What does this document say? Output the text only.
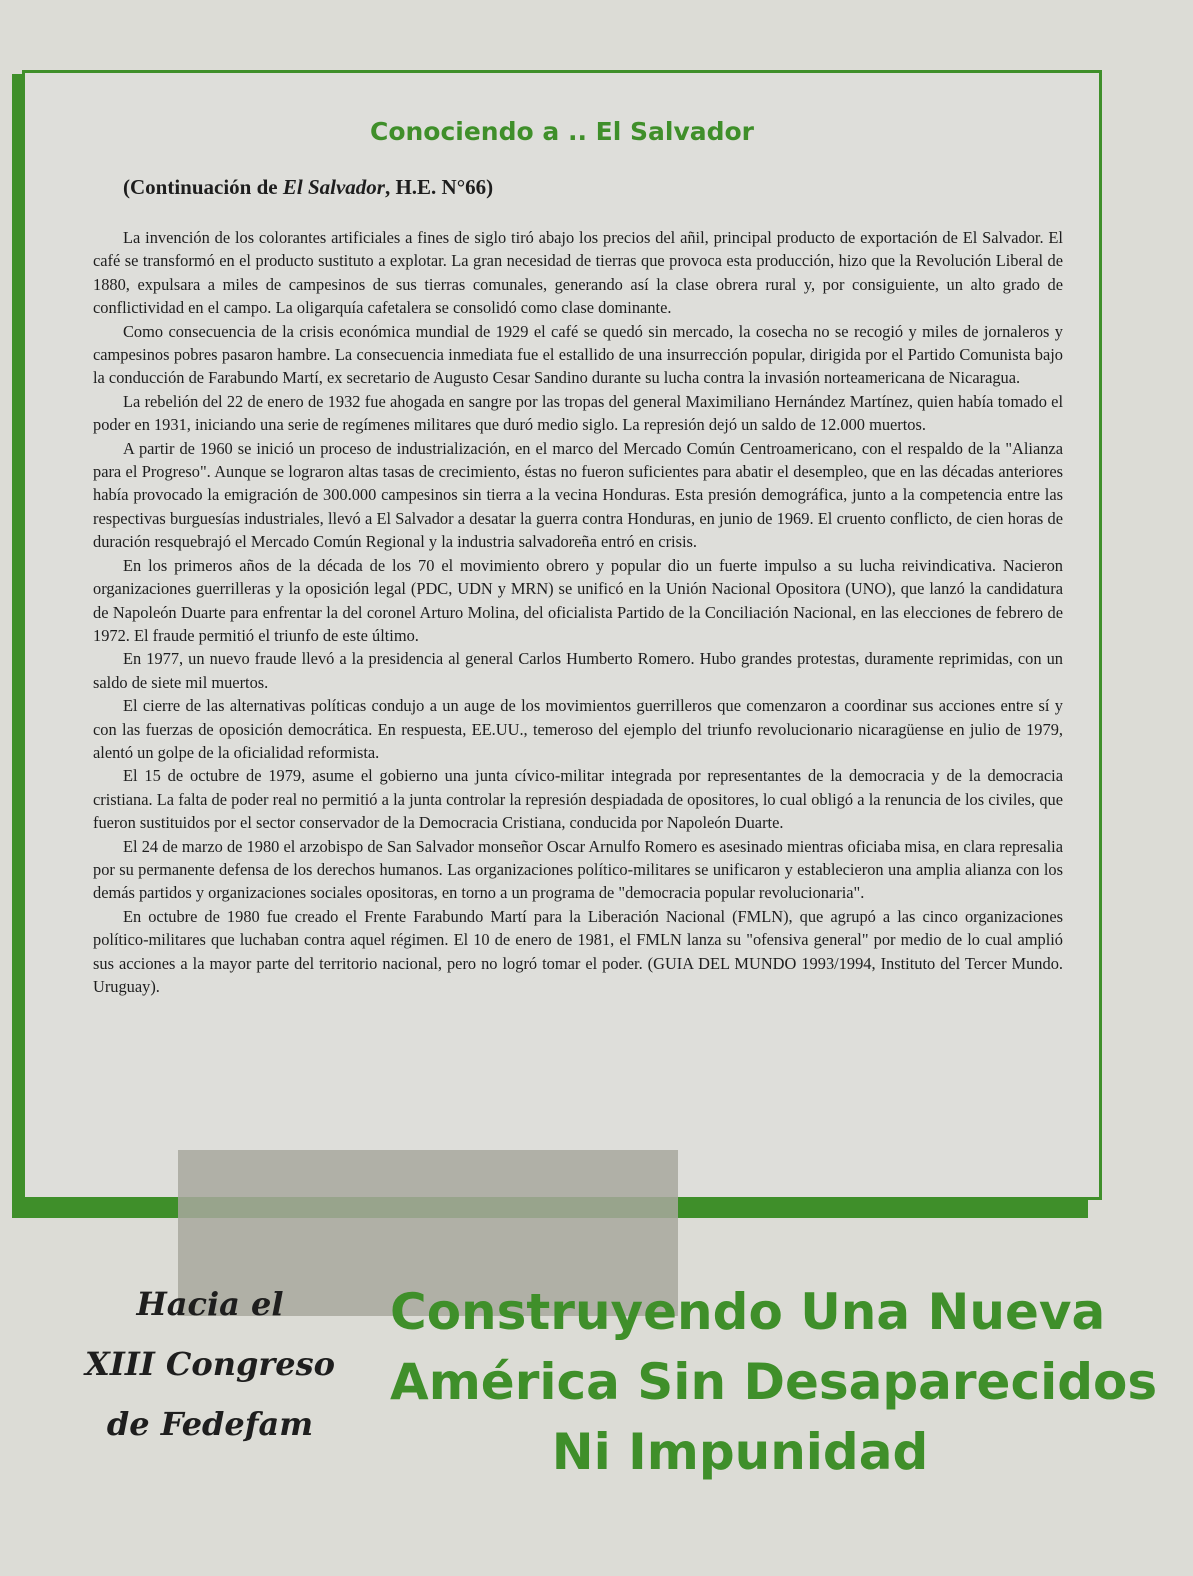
Conociendo a .. El Salvador
(Continuación de El Salvador, H.E. N°66)

La invención de los colorantes artificiales a fines de siglo tiró abajo los precios del añil, principal producto de exportación de El Salvador. El café se transformó en el producto sustituto a explotar. La gran necesidad de tierras que provoca esta producción, hizo que la Revolución Liberal de 1880, expulsara a miles de campesinos de sus tierras comunales, generando así la clase obrera rural y, por consiguiente, un alto grado de conflictividad en el campo. La oligarquía cafetalera se consolidó como clase dominante.

Como consecuencia de la crisis económica mundial de 1929 el café se quedó sin mercado, la cosecha no se recogió y miles de jornaleros y campesinos pobres pasaron hambre. La consecuencia inmediata fue el estallido de una insurrección popular, dirigida por el Partido Comunista bajo la conducción de Farabundo Martí, ex secretario de Augusto Cesar Sandino durante su lucha contra la invasión norteamericana de Nicaragua.

La rebelión del 22 de enero de 1932 fue ahogada en sangre por las tropas del general Maximiliano Hernández Martínez, quien había tomado el poder en 1931, iniciando una serie de regímenes militares que duró medio siglo. La represión dejó un saldo de 12.000 muertos.

A partir de 1960 se inició un proceso de industrialización, en el marco del Mercado Común Centroamericano, con el respaldo de la "Alianza para el Progreso". Aunque se lograron altas tasas de crecimiento, éstas no fueron suficientes para abatir el desempleo, que en las décadas anteriores había provocado la emigración de 300.000 campesinos sin tierra a la vecina Honduras. Esta presión demográfica, junto a la competencia entre las respectivas burguesías industriales, llevó a El Salvador a desatar la guerra contra Honduras, en junio de 1969. El cruento conflicto, de cien horas de duración resquebrajó el Mercado Común Regional y la industria salvadoreña entró en crisis.

En los primeros años de la década de los 70 el movimiento obrero y popular dio un fuerte impulso a su lucha reivindicativa. Nacieron organizaciones guerrilleras y la oposición legal (PDC, UDN y MRN) se unificó en la Unión Nacional Opositora (UNO), que lanzó la candidatura de Napoleón Duarte para enfrentar la del coronel Arturo Molina, del oficialista Partido de la Conciliación Nacional, en las elecciones de febrero de 1972. El fraude permitió el triunfo de este último.

En 1977, un nuevo fraude llevó a la presidencia al general Carlos Humberto Romero. Hubo grandes protestas, duramente reprimidas, con un saldo de siete mil muertos.

El cierre de las alternativas políticas condujo a un auge de los movimientos guerrilleros que comenzaron a coordinar sus acciones entre sí y con las fuerzas de oposición democrática. En respuesta, EE.UU., temeroso del ejemplo del triunfo revolucionario nicaragüense en julio de 1979, alentó un golpe de la oficialidad reformista.

El 15 de octubre de 1979, asume el gobierno una junta cívico-militar integrada por representantes de la democracia y de la democracia cristiana. La falta de poder real no permitió a la junta controlar la represión despiadada de opositores, lo cual obligó a la renuncia de los civiles, que fueron sustituidos por el sector conservador de la Democracia Cristiana, conducida por Napoleón Duarte.

El 24 de marzo de 1980 el arzobispo de San Salvador monseñor Oscar Arnulfo Romero es asesinado mientras oficiaba misa, en clara represalia por su permanente defensa de los derechos humanos. Las organizaciones político-militares se unificaron y establecieron una amplia alianza con los demás partidos y organizaciones sociales opositoras, en torno a un programa de "democracia popular revolucionaria".

En octubre de 1980 fue creado el Frente Farabundo Martí para la Liberación Nacional (FMLN), que agrupó a las cinco organizaciones político-militares que luchaban contra aquel régimen. El 10 de enero de 1981, el FMLN lanza su "ofensiva general" por medio de lo cual amplió sus acciones a la mayor parte del territorio nacional, pero no logró tomar el poder. (GUIA DEL MUNDO 1993/1994, Instituto del Tercer Mundo. Uruguay).

Hacia el
XIII Congreso
de Fedefam
Construyendo Una Nueva
América Sin Desaparecidos
Ni Impunidad
